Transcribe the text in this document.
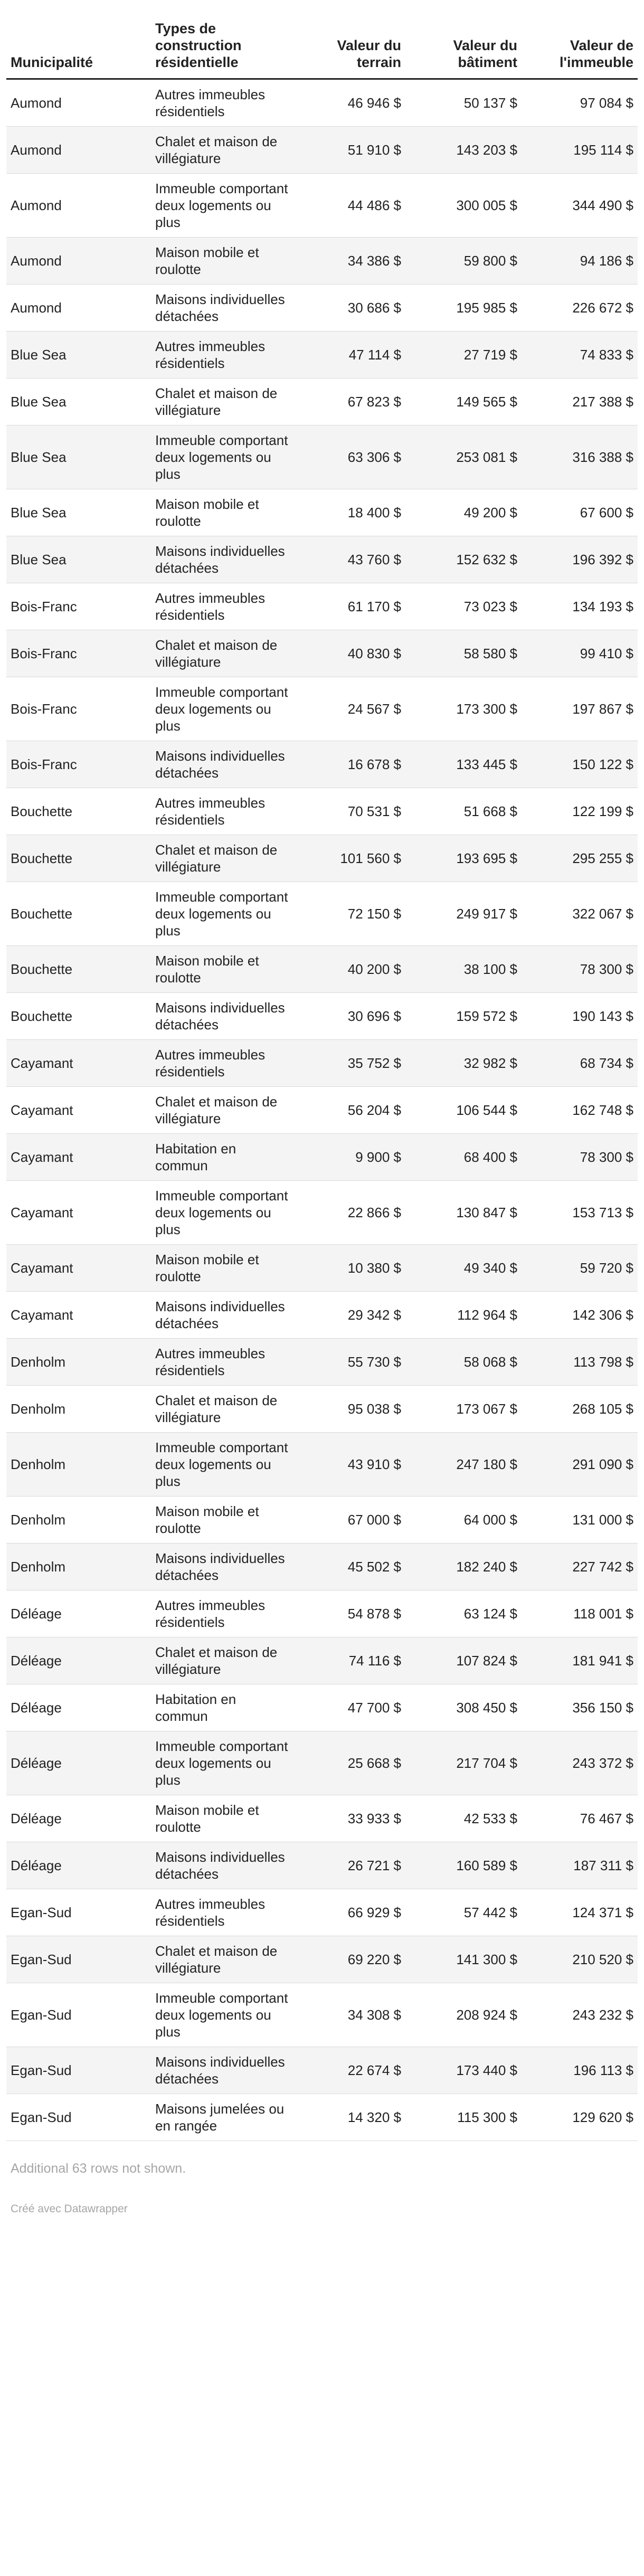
Municipalité	Types de construction résidentielle	Valeur du terrain	Valeur du bâtiment	Valeur de l'immeuble
Aumond	Autres immeubles résidentiels	46 946 $	50 137 $	97 084 $
Aumond	Chalet et maison de villégiature	51 910 $	143 203 $	195 114 $
Aumond	Immeuble comportant deux logements ou plus	44 486 $	300 005 $	344 490 $
Aumond	Maison mobile et roulotte	34 386 $	59 800 $	94 186 $
Aumond	Maisons individuelles détachées	30 686 $	195 985 $	226 672 $
Blue Sea	Autres immeubles résidentiels	47 114 $	27 719 $	74 833 $
Blue Sea	Chalet et maison de villégiature	67 823 $	149 565 $	217 388 $
Blue Sea	Immeuble comportant deux logements ou plus	63 306 $	253 081 $	316 388 $
Blue Sea	Maison mobile et roulotte	18 400 $	49 200 $	67 600 $
Blue Sea	Maisons individuelles détachées	43 760 $	152 632 $	196 392 $
Bois-Franc	Autres immeubles résidentiels	61 170 $	73 023 $	134 193 $
Bois-Franc	Chalet et maison de villégiature	40 830 $	58 580 $	99 410 $
Bois-Franc	Immeuble comportant deux logements ou plus	24 567 $	173 300 $	197 867 $
Bois-Franc	Maisons individuelles détachées	16 678 $	133 445 $	150 122 $
Bouchette	Autres immeubles résidentiels	70 531 $	51 668 $	122 199 $
Bouchette	Chalet et maison de villégiature	101 560 $	193 695 $	295 255 $
Bouchette	Immeuble comportant deux logements ou plus	72 150 $	249 917 $	322 067 $
Bouchette	Maison mobile et roulotte	40 200 $	38 100 $	78 300 $
Bouchette	Maisons individuelles détachées	30 696 $	159 572 $	190 143 $
Cayamant	Autres immeubles résidentiels	35 752 $	32 982 $	68 734 $
Cayamant	Chalet et maison de villégiature	56 204 $	106 544 $	162 748 $
Cayamant	Habitation en commun	9 900 $	68 400 $	78 300 $
Cayamant	Immeuble comportant deux logements ou plus	22 866 $	130 847 $	153 713 $
Cayamant	Maison mobile et roulotte	10 380 $	49 340 $	59 720 $
Cayamant	Maisons individuelles détachées	29 342 $	112 964 $	142 306 $
Denholm	Autres immeubles résidentiels	55 730 $	58 068 $	113 798 $
Denholm	Chalet et maison de villégiature	95 038 $	173 067 $	268 105 $
Denholm	Immeuble comportant deux logements ou plus	43 910 $	247 180 $	291 090 $
Denholm	Maison mobile et roulotte	67 000 $	64 000 $	131 000 $
Denholm	Maisons individuelles détachées	45 502 $	182 240 $	227 742 $
Déléage	Autres immeubles résidentiels	54 878 $	63 124 $	118 001 $
Déléage	Chalet et maison de villégiature	74 116 $	107 824 $	181 941 $
Déléage	Habitation en commun	47 700 $	308 450 $	356 150 $
Déléage	Immeuble comportant deux logements ou plus	25 668 $	217 704 $	243 372 $
Déléage	Maison mobile et roulotte	33 933 $	42 533 $	76 467 $
Déléage	Maisons individuelles détachées	26 721 $	160 589 $	187 311 $
Egan-Sud	Autres immeubles résidentiels	66 929 $	57 442 $	124 371 $
Egan-Sud	Chalet et maison de villégiature	69 220 $	141 300 $	210 520 $
Egan-Sud	Immeuble comportant deux logements ou plus	34 308 $	208 924 $	243 232 $
Egan-Sud	Maisons individuelles détachées	22 674 $	173 440 $	196 113 $
Egan-Sud	Maisons jumelées ou en rangée	14 320 $	115 300 $	129 620 $
Additional 63 rows not shown.
Créé avec Datawrapper
